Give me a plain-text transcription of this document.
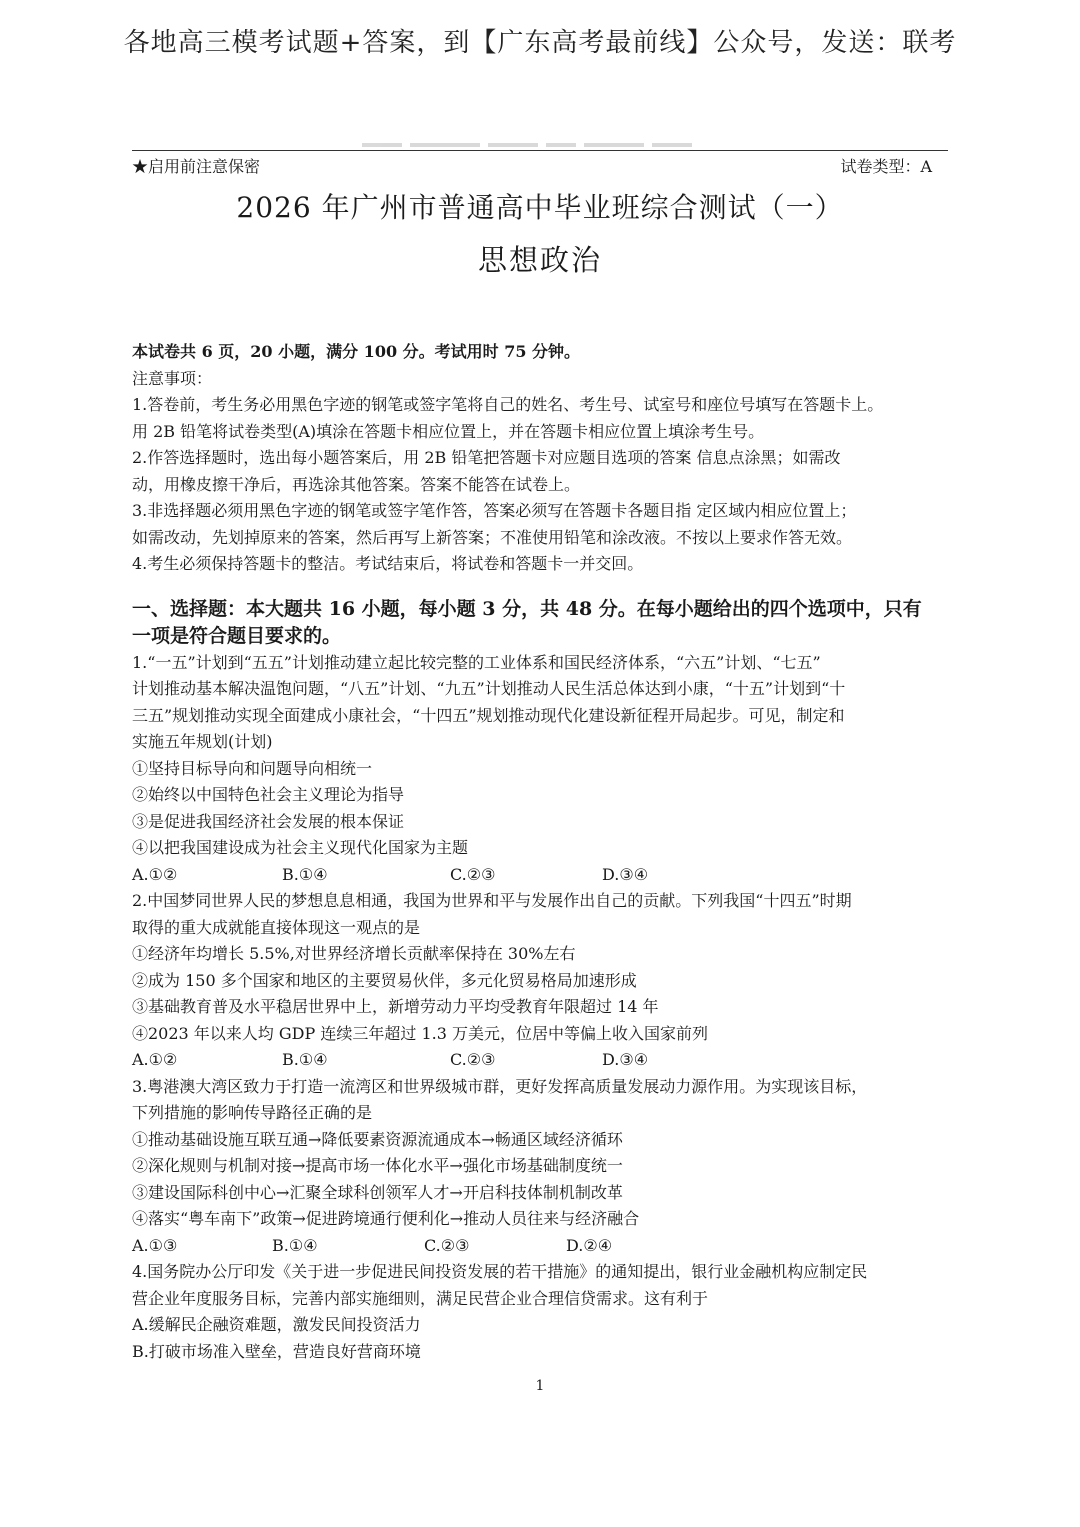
各地高三模考试题+答案，到【广东高考最前线】公众号，发送：联考
★启用前注意保密	试卷类型：A
2026 年广州市普通高中毕业班综合测试（一）
思想政治
本试卷共 6 页，20 小题，满分 100 分。考试用时 75 分钟。
注意事项：
1.答卷前，考生务必用黑色字迹的钢笔或签字笔将自己的姓名、考生号、试室号和座位号填写在答题卡上。
用 2B 铅笔将试卷类型(A)填涂在答题卡相应位置上，并在答题卡相应位置上填涂考生号。
2.作答选择题时，选出每小题答案后，用 2B 铅笔把答题卡对应题目选项的答案 信息点涂黑；如需改
动，用橡皮擦干净后，再选涂其他答案。答案不能答在试卷上。
3.非选择题必须用黑色字迹的钢笔或签字笔作答，答案必须写在答题卡各题目指 定区域内相应位置上；
如需改动，先划掉原来的答案，然后再写上新答案；不准使用铅笔和涂改液。不按以上要求作答无效。
4.考生必须保持答题卡的整洁。考试结束后，将试卷和答题卡一并交回。
一、选择题：本大题共 16 小题，每小题 3 分，共 48 分。在每小题给出的四个选项中，只有
一项是符合题目要求的。
1.“一五”计划到“五五”计划推动建立起比较完整的工业体系和国民经济体系，“六五”计划、“七五”
计划推动基本解决温饱问题，“八五”计划、“九五”计划推动人民生活总体达到小康，“十五”计划到“十
三五”规划推动实现全面建成小康社会，“十四五”规划推动现代化建设新征程开局起步。可见，制定和
实施五年规划(计划)
①坚持目标导向和问题导向相统一
②始终以中国特色社会主义理论为指导
③是促进我国经济社会发展的根本保证
④以把我国建设成为社会主义现代化国家为主题
A.①②	B.①④	C.②③	D.③④
2.中国梦同世界人民的梦想息息相通，我国为世界和平与发展作出自己的贡献。下列我国“十四五”时期
取得的重大成就能直接体现这一观点的是
①经济年均增长 5.5%,对世界经济增长贡献率保持在 30%左右
②成为 150 多个国家和地区的主要贸易伙伴，多元化贸易格局加速形成
③基础教育普及水平稳居世界中上，新增劳动力平均受教育年限超过 14 年
④2023 年以来人均 GDP 连续三年超过 1.3 万美元，位居中等偏上收入国家前列
A.①②	B.①④	C.②③	D.③④
3.粤港澳大湾区致力于打造一流湾区和世界级城市群，更好发挥高质量发展动力源作用。为实现该目标，
下列措施的影响传导路径正确的是
①推动基础设施互联互通→降低要素资源流通成本→畅通区域经济循环
②深化规则与机制对接→提高市场一体化水平→强化市场基础制度统一
③建设国际科创中心→汇聚全球科创领军人才→开启科技体制机制改革
④落实“粤车南下”政策→促进跨境通行便利化→推动人员往来与经济融合
A.①③	B.①④	C.②③	D.②④
4.国务院办公厅印发《关于进一步促进民间投资发展的若干措施》的通知提出，银行业金融机构应制定民
营企业年度服务目标，完善内部实施细则，满足民营企业合理信贷需求。这有利于
A.缓解民企融资难题，激发民间投资活力
B.打破市场准入壁垒，营造良好营商环境
1
